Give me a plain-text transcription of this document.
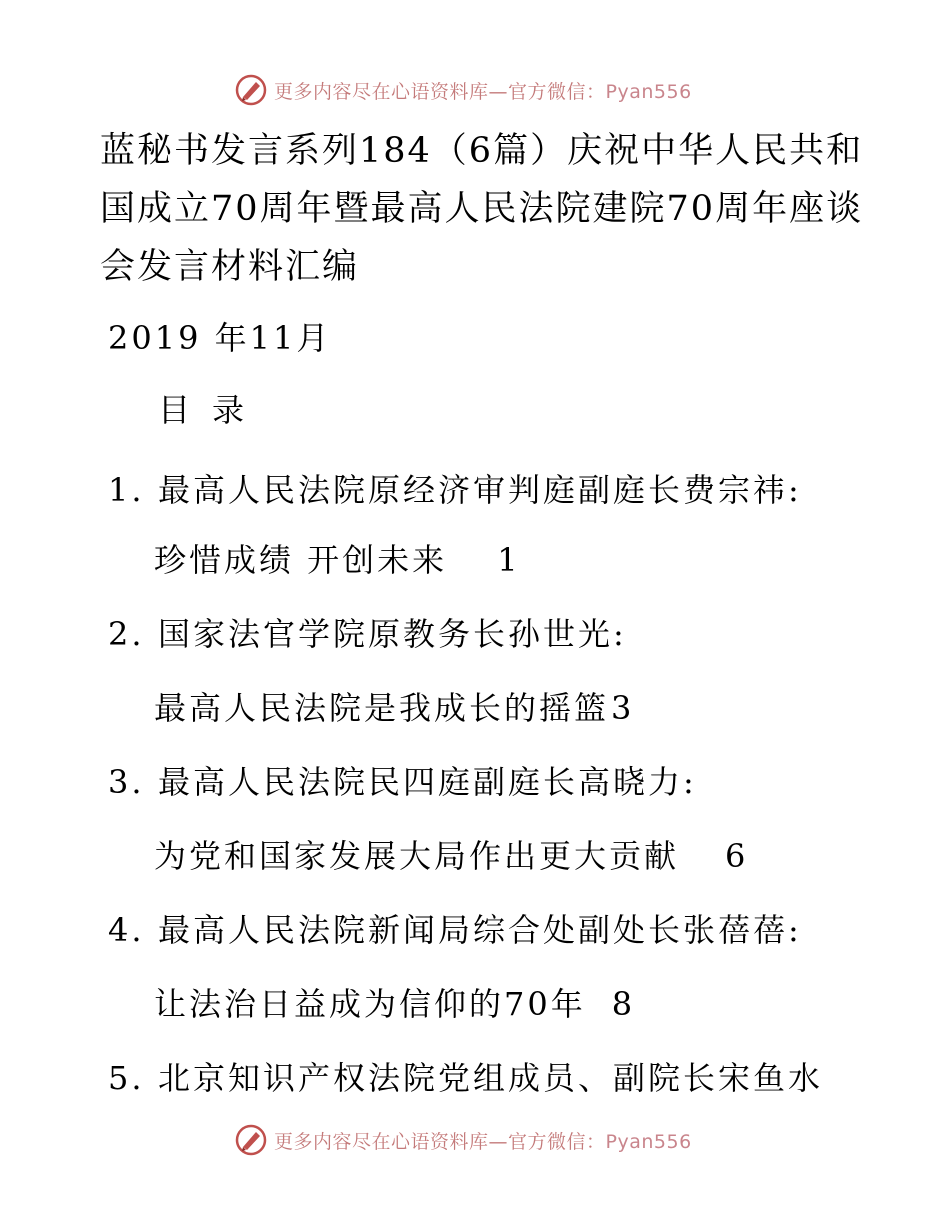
更多内容尽在心语资料库—官方微信：Pyan556
蓝秘书发言系列184（6篇）庆祝中华人民共和国成立70周年暨最高人民法院建院70周年座谈会发言材料汇编

2019 年11月

目录

1. 最高人民法院原经济审判庭副庭长费宗祎:

珍惜成绩 开创未来 1

2. 国家法官学院原教务长孙世光:

最高人民法院是我成长的摇篮3

3. 最高人民法院民四庭副庭长高晓力:

为党和国家发展大局作出更大贡献 6

4. 最高人民法院新闻局综合处副处长张蓓蓓:

让法治日益成为信仰的70年 8

5. 北京知识产权法院党组成员、副院长宋鱼水

更多内容尽在心语资料库—官方微信：Pyan556
